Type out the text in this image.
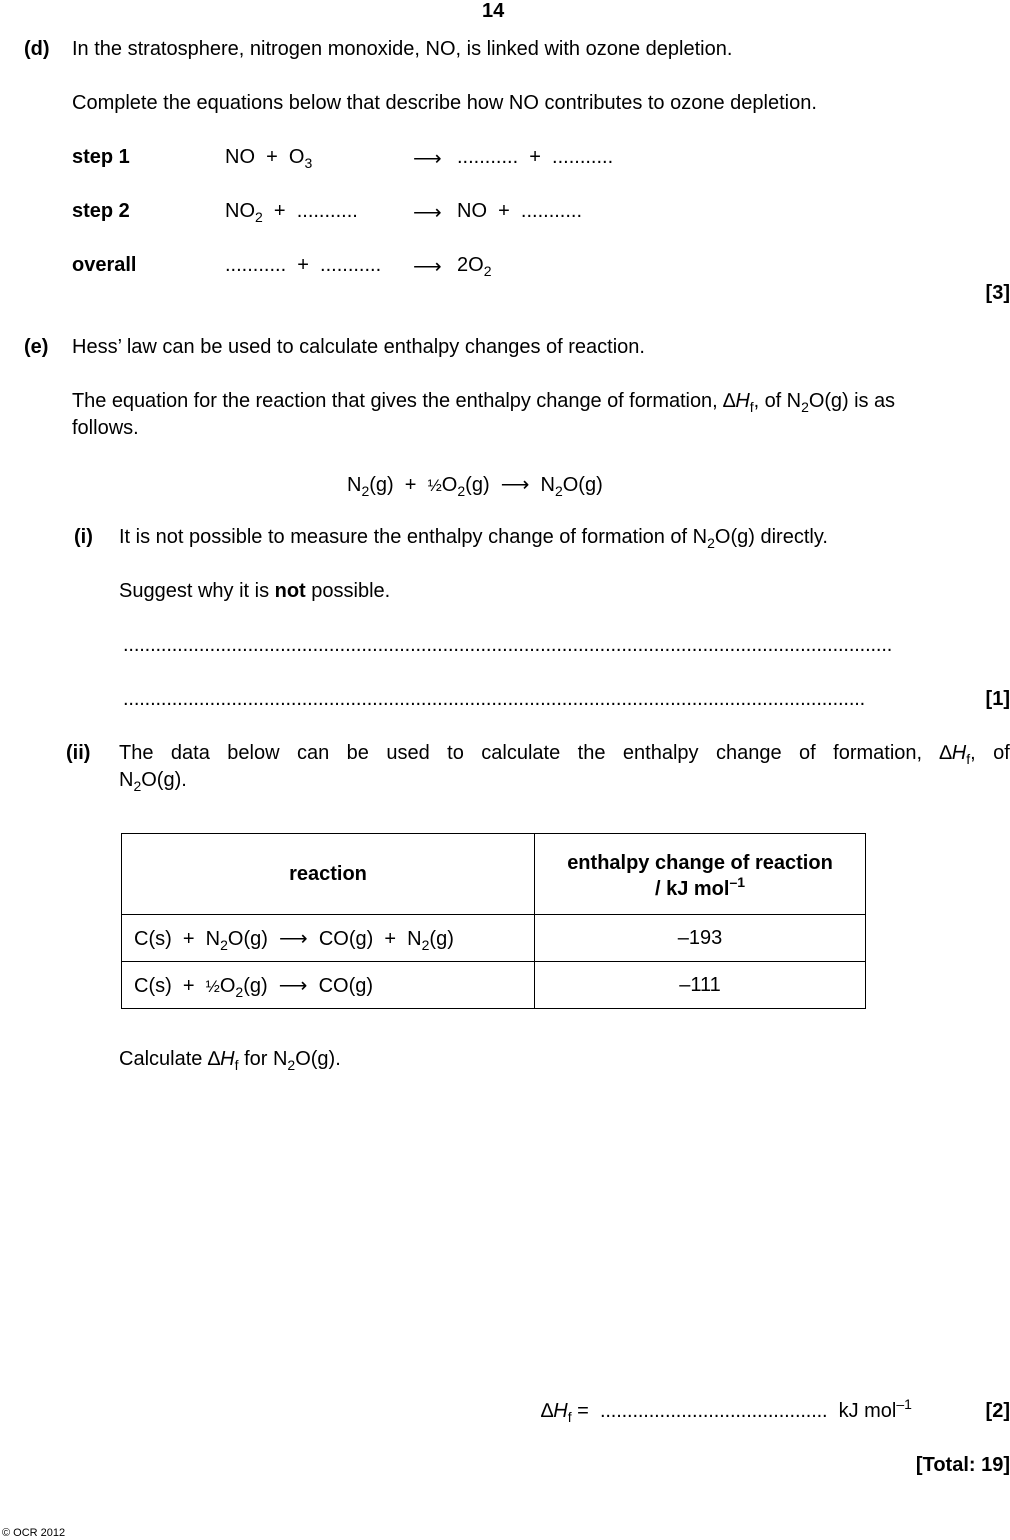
14
(d) In the stratosphere, nitrogen monoxide, NO, is linked with ozone depletion.
Complete the equations below that describe how NO contributes to ozone depletion.
step 1	NO  +  $O_3$	⟶ ...........  +  ...........
step 2	$NO_2$  +  ...........	⟶ NO  +  ...........
overall	...........  +  ........... ⟶ $2O_2$
[3]
(e) Hess’ law can be used to calculate enthalpy changes of reaction.
The equation for the reaction that gives the enthalpy change of formation, $\Delta H_f$, of $N_2O(g)$ is as
follows.
$N_2(g)$  +  $\frac{1}{2}O_2(g)$  ⟶  $N_2O(g)$
(i) It is not possible to measure the enthalpy change of formation of $N_2O(g)$ directly.
Suggest why it is not possible.
..............................................................................................................................................
.........................................................................................................................................	[1]
(ii) The data below can be used to calculate the enthalpy change of formation, $\Delta H_f$, of
$N_2O(g)$.
reaction	enthalpy change of reaction
/ kJ mol$^{-1}$
$C(s) + N_2O(g)$  ⟶  $CO(g) + N_2(g)$	–193
$C(s) + \frac{1}{2}O_2(g)$  ⟶  CO(g)	–111
Calculate $\Delta H_f$ for $N_2O(g)$.
$\Delta H_f$ =  .......................................... kJ mol$^{-1}$	[2]
[Total: 19]
© OCR 2012
